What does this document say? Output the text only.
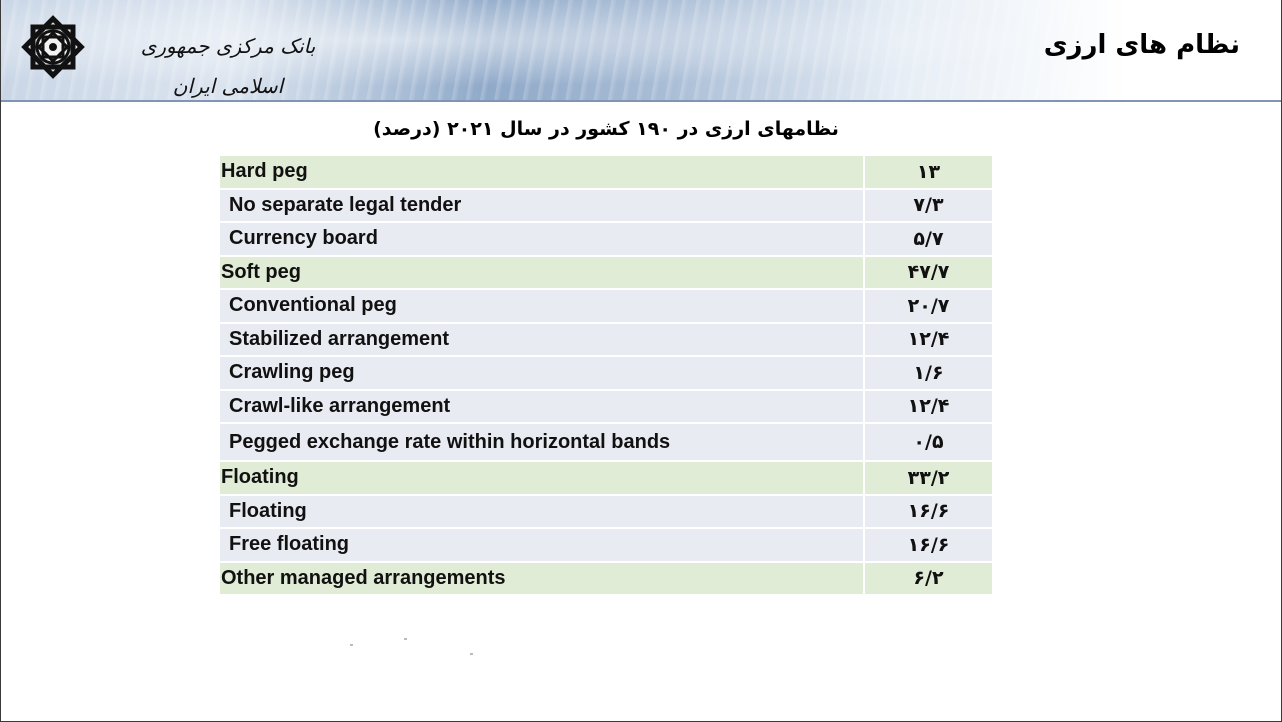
بانک مرکزی جمهوری اسلامی ایران
نظام های ارزی
نظامهای ارزی در ۱۹۰ کشور در سال ۲۰۲۱ (درصد)
Hard peg	۱۳
No separate legal tender	۷/۳
Currency board	۵/۷
Soft peg	۴۷/۷
Conventional peg	۲۰/۷
Stabilized arrangement	۱۲/۴
Crawling peg	۱/۶
Crawl-like arrangement	۱۲/۴
Pegged exchange rate within horizontal bands	۰/۵
Floating	۳۳/۲
Floating	۱۶/۶
Free floating	۱۶/۶
Other managed arrangements	۶/۲
